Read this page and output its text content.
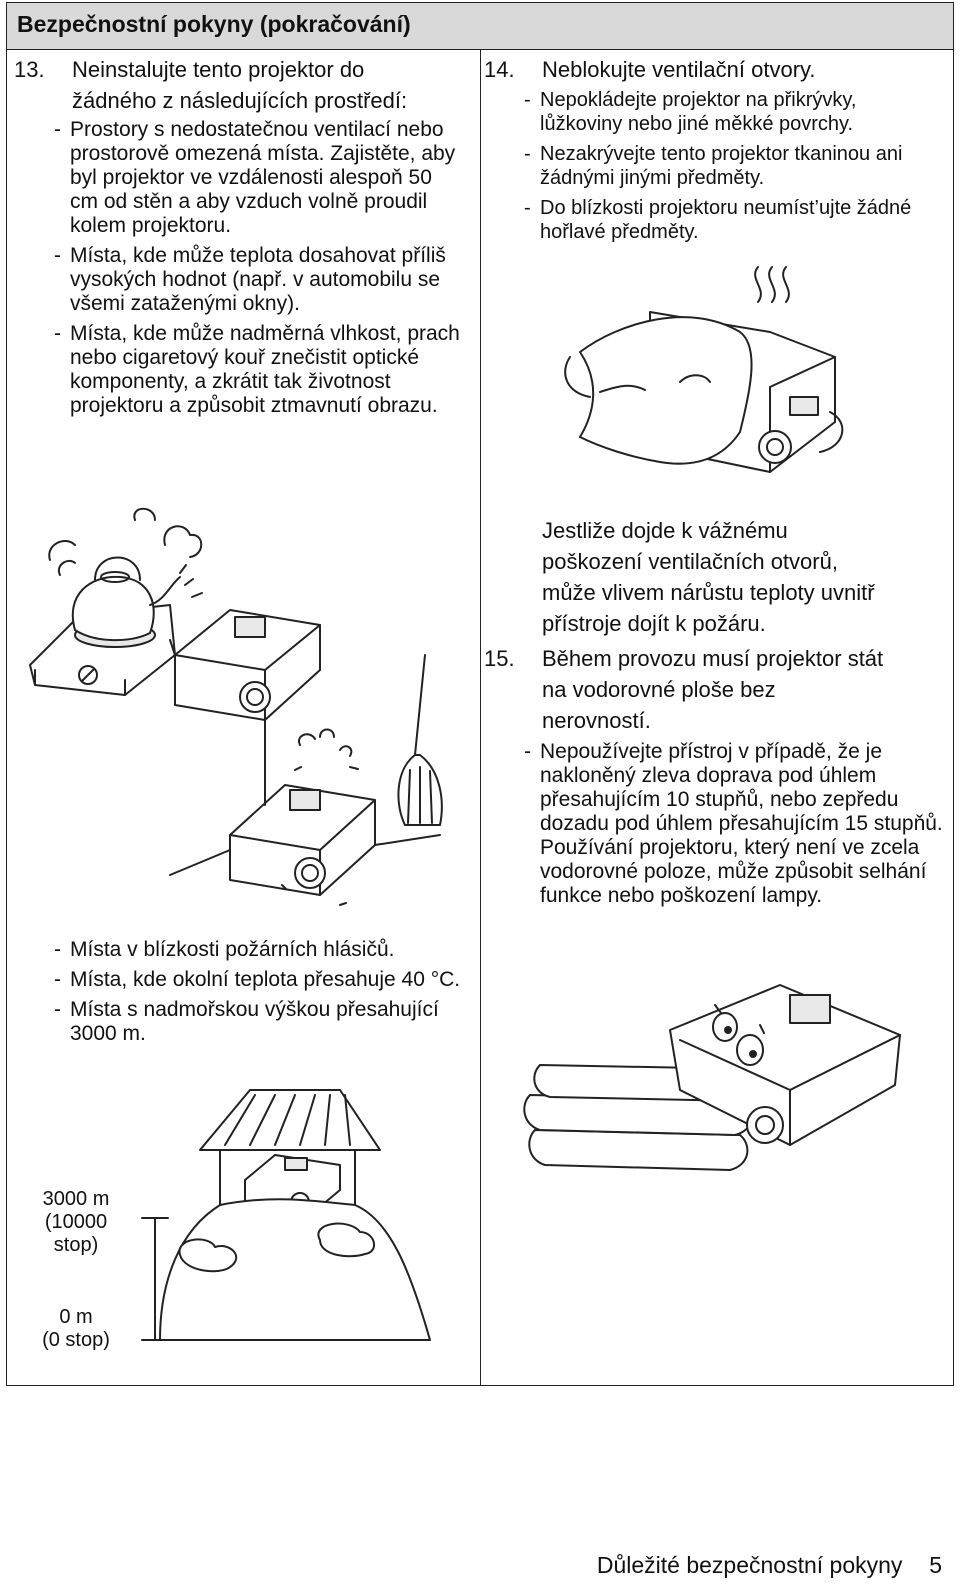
Bezpečnostní pokyny (pokračování)
13. Neinstalujte tento projektor do
žádného z následujících prostředí:
- Prostory s nedostatečnou ventilací nebo prostorově omezená místa. Zajistěte, aby byl projektor ve vzdálenosti alespoň 50 cm od stěn a aby vzduch volně proudil kolem projektoru.
- Místa, kde může teplota dosahovat příliš vysokých hodnot (např. v automobilu se všemi zataženými okny).
- Místa, kde může nadměrná vlhkost, prach nebo cigaretový kouř znečistit optické komponenty, a zkrátit tak životnost projektoru a způsobit ztmavnutí obrazu.
- Místa v blízkosti požárních hlásičů.
- Místa, kde okolní teplota přesahuje 40 °C.
- Místa s nadmořskou výškou přesahující 3000 m.
3000 m
(10000
stop)
0 m
(0 stop)
14. Neblokujte ventilační otvory.
- Nepokládejte projektor na přikrývky, lůžkoviny nebo jiné měkké povrchy.
- Nezakrývejte tento projektor tkaninou ani žádnými jinými předměty.
- Do blízkosti projektoru neumíst’ujte žádné hořlavé předměty.
Jestliže dojde k vážnému
poškození ventilačních otvorů,
může vlivem nárůstu teploty uvnitř
přístroje dojít k požáru.
15. Během provozu musí projektor stát
na vodorovné ploše bez
nerovností.
- Nepoužívejte přístroj v případě, že je nakloněný zleva doprava pod úhlem přesahujícím 10 stupňů, nebo zepředu dozadu pod úhlem přesahujícím 15 stupňů. Používání projektoru, který není ve zcela vodorovné poloze, může způsobit selhání funkce nebo poškození lampy.
Důležité bezpečnostní pokyny 5
